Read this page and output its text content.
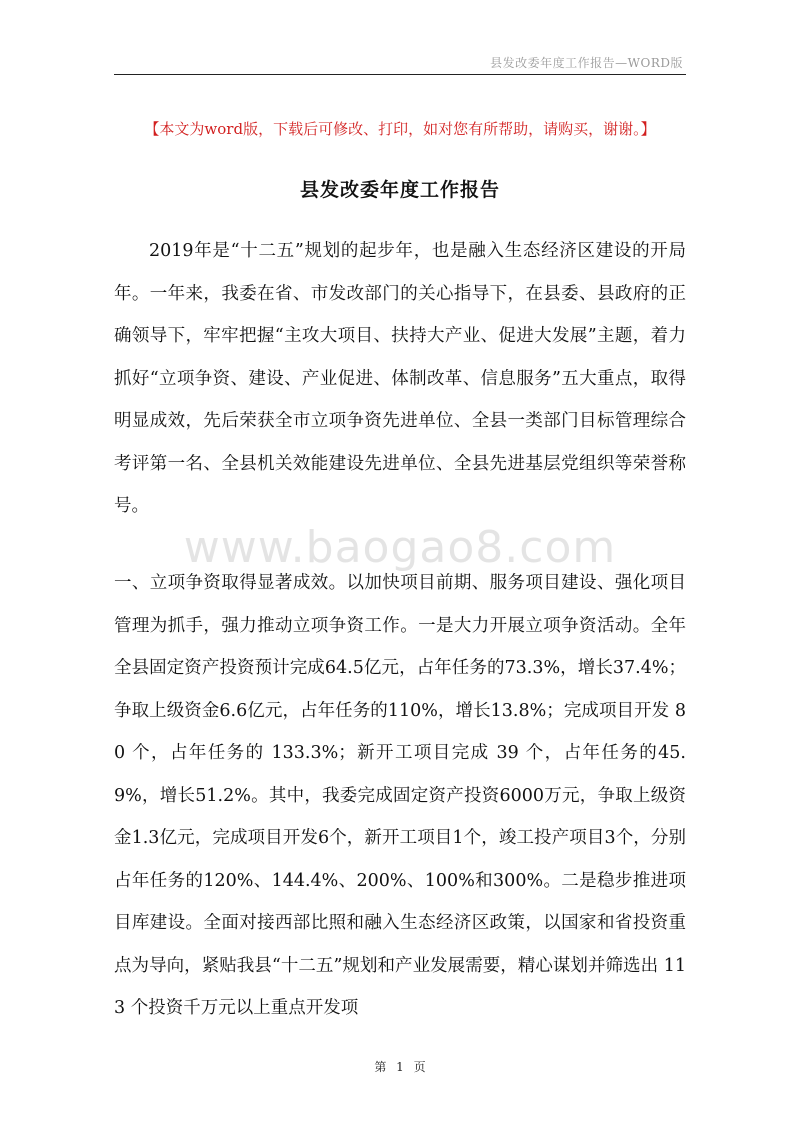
县发改委年度工作报告—WORD版
【本文为word版，下载后可修改、打印，如对您有所帮助，请购买，谢谢。】
县发改委年度工作报告

2019年是“十二五”规划的起步年，也是融入生态经济区建设的开局年。一年来，我委在省、市发改部门的关心指导下，在县委、县政府的正确领导下，牢牢把握“主攻大项目、扶持大产业、促进大发展”主题，着力抓好“立项争资、建设、产业促进、体制改革、信息服务”五大重点，取得明显成效，先后荣获全市立项争资先进单位、全县一类部门目标管理综合考评第一名、全县机关效能建设先进单位、全县先进基层党组织等荣誉称号。

www.baogao8.com

一、立项争资取得显著成效。以加快项目前期、服务项目建设、强化项目管理为抓手，强力推动立项争资工作。一是大力开展立项争资活动。全年全县固定资产投资预计完成64.5亿元，占年任务的73.3%，增长37.4%；争取上级资金6.6亿元，占年任务的110%，增长13.8%；完成项目开发 80 个，占年任务的 133.3%；新开工项目完成 39 个，占年任务的45.9%，增长51.2%。其中，我委完成固定资产投资6000万元，争取上级资金1.3亿元，完成项目开发6个，新开工项目1个，竣工投产项目3个，分别占年任务的120%、144.4%、200%、100%和300%。二是稳步推进项目库建设。全面对接西部比照和融入生态经济区政策，以国家和省投资重点为导向，紧贴我县“十二五”规划和产业发展需要，精心谋划并筛选出 113 个投资千万元以上重点开发项

第 1 页
